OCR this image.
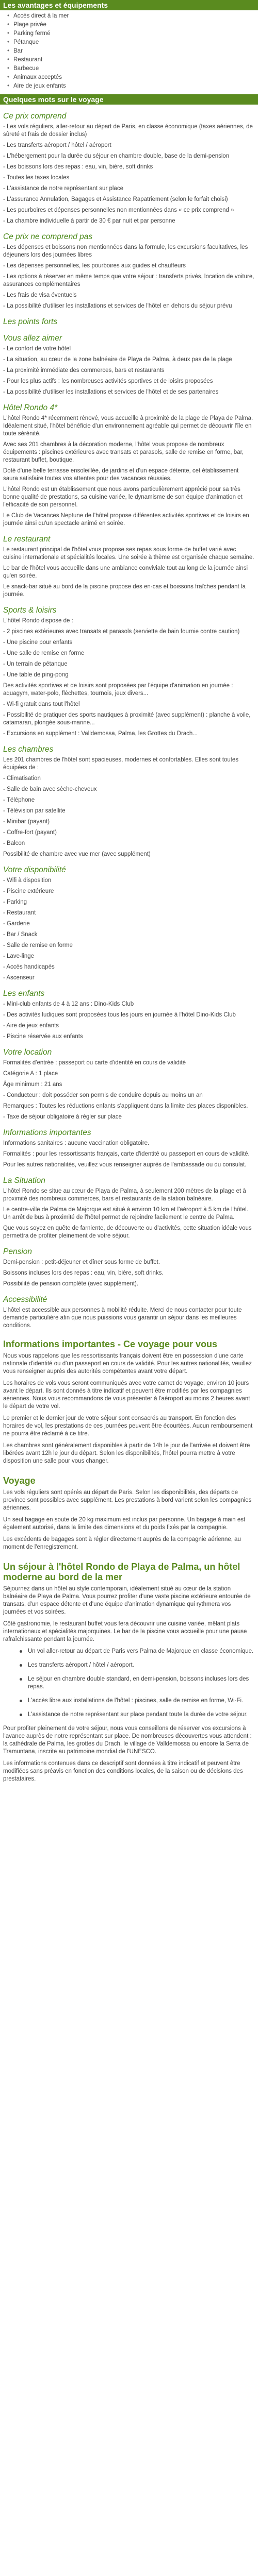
Les avantages et équipements
• Accès direct à la mer
• Plage privée
• Parking fermé
• Pétanque
• Bar
• Restaurant
• Barbecue
• Animaux acceptés
• Aire de jeux enfants
Quelques mots sur le voyage
Ce prix comprend
- Les vols réguliers, aller-retour au départ de Paris, en classe économique (taxes aériennes, de sûreté et frais de dossier inclus)
- Les transferts aéroport / hôtel / aéroport
- L'hébergement pour la durée du séjour en chambre double, base de la demi-pension
- Les boissons lors des repas : eau, vin, bière, soft drinks
- Toutes les taxes locales
- L'assistance de notre représentant sur place
- L'assurance Annulation, Bagages et Assistance Rapatriement (selon le forfait choisi)
- Les pourboires et dépenses personnelles non mentionnées dans « ce prix comprend »
- La chambre individuelle à partir de 30 € par nuit et par personne
Ce prix ne comprend pas
- Les dépenses et boissons non mentionnées dans la formule, les excursions facultatives, les déjeuners lors des journées libres
- Les dépenses personnelles, les pourboires aux guides et chauffeurs
- Les options à réserver en même temps que votre séjour : transferts privés, location de voiture, assurances complémentaires
- Les frais de visa éventuels
- La possibilité d'utiliser les installations et services de l'hôtel en dehors du séjour prévu
Les points forts
Vous allez aimer
- Le confort de votre hôtel
- La situation, au cœur de la zone balnéaire de Playa de Palma, à deux pas de la plage
- La proximité immédiate des commerces, bars et restaurants
- Pour les plus actifs : les nombreuses activités sportives et de loisirs proposées
- La possibilité d'utiliser les installations et services de l'hôtel et de ses partenaires
Hôtel Rondo 4*
L'hôtel Rondo 4* récemment rénové, vous accueille à proximité de la plage de Playa de Palma. Idéalement situé, l'hôtel bénéficie d'un environnement agréable qui permet de découvrir l'île en toute sérénité.
Avec ses 201 chambres à la décoration moderne, l'hôtel vous propose de nombreux équipements : piscines extérieures avec transats et parasols, salle de remise en forme, bar, restaurant buffet, boutique.
Doté d'une belle terrasse ensoleillée, de jardins et d'un espace détente, cet établissement saura satisfaire toutes vos attentes pour des vacances réussies.
L'hôtel Rondo est un établissement que nous avons particulièrement apprécié pour sa très bonne qualité de prestations, sa cuisine variée, le dynamisme de son équipe d'animation et l'efficacité de son personnel.
Le Club de Vacances Neptune de l'hôtel propose différentes activités sportives et de loisirs en journée ainsi qu'un spectacle animé en soirée.
Le restaurant
Le restaurant principal de l'hôtel vous propose ses repas sous forme de buffet varié avec cuisine internationale et spécialités locales. Une soirée à thème est organisée chaque semaine.
Le bar de l'hôtel vous accueille dans une ambiance conviviale tout au long de la journée ainsi qu'en soirée.
Le snack-bar situé au bord de la piscine propose des en-cas et boissons fraîches pendant la journée.
Sports & loisirs
L'hôtel Rondo dispose de :
- 2 piscines extérieures avec transats et parasols (serviette de bain fournie contre caution)
- Une piscine pour enfants
- Une salle de remise en forme
- Un terrain de pétanque
- Une table de ping-pong
Des activités sportives et de loisirs sont proposées par l'équipe d'animation en journée : aquagym, water-polo, fléchettes, tournois, jeux divers...
- Wi-fi gratuit dans tout l'hôtel
- Possibilité de pratiquer des sports nautiques à proximité (avec supplément) : planche à voile, catamaran, plongée sous-marine...
- Excursions en supplément : Valldemossa, Palma, les Grottes du Drach...
Les chambres
Les 201 chambres de l'hôtel sont spacieuses, modernes et confortables. Elles sont toutes équipées de :
- Climatisation
- Salle de bain avec sèche-cheveux
- Téléphone
- Télévision par satellite
- Minibar (payant)
- Coffre-fort (payant)
- Balcon
Possibilité de chambre avec vue mer (avec supplément)
Votre disponibilité
- Wifi à disposition
- Piscine extérieure
- Parking
- Restaurant
- Garderie
- Bar / Snack
- Salle de remise en forme
- Lave-linge
- Accès handicapés
- Ascenseur
Les enfants
- Mini-club enfants de 4 à 12 ans : Dino-Kids Club
- Des activités ludiques sont proposées tous les jours en journée à l'hôtel Dino-Kids Club
- Aire de jeux enfants
- Piscine réservée aux enfants
Votre location
Formalités d'entrée : passeport ou carte d'identité en cours de validité
Catégorie A : 1 place
Âge minimum : 21 ans
- Conducteur : doit posséder son permis de conduire depuis au moins un an
Remarques : Toutes les réductions enfants s'appliquent dans la limite des places disponibles.
- Taxe de séjour obligatoire à régler sur place
Informations importantes
Informations sanitaires : aucune vaccination obligatoire.
Formalités : pour les ressortissants français, carte d'identité ou passeport en cours de validité.
Pour les autres nationalités, veuillez vous renseigner auprès de l'ambassade ou du consulat.
La Situation
L'hôtel Rondo se situe au cœur de Playa de Palma, à seulement 200 mètres de la plage et à proximité des nombreux commerces, bars et restaurants de la station balnéaire.
Le centre-ville de Palma de Majorque est situé à environ 10 km et l'aéroport à 5 km de l'hôtel. Un arrêt de bus à proximité de l'hôtel permet de rejoindre facilement le centre de Palma.
Que vous soyez en quête de farniente, de découverte ou d'activités, cette situation idéale vous permettra de profiter pleinement de votre séjour.
Pension
Demi-pension : petit-déjeuner et dîner sous forme de buffet.
Boissons incluses lors des repas : eau, vin, bière, soft drinks.
Possibilité de pension complète (avec supplément).
Accessibilité
L'hôtel est accessible aux personnes à mobilité réduite. Merci de nous contacter pour toute demande particulière afin que nous puissions vous garantir un séjour dans les meilleures conditions.
Informations importantes - Ce voyage pour vous

Nous vous rappelons que les ressortissants français doivent être en possession d'une carte nationale d'identité ou d'un passeport en cours de validité. Pour les autres nationalités, veuillez vous renseigner auprès des autorités compétentes avant votre départ.

Les horaires de vols vous seront communiqués avec votre carnet de voyage, environ 10 jours avant le départ. Ils sont donnés à titre indicatif et peuvent être modifiés par les compagnies aériennes. Nous vous recommandons de vous présenter à l'aéroport au moins 2 heures avant le départ de votre vol.

Le premier et le dernier jour de votre séjour sont consacrés au transport. En fonction des horaires de vol, les prestations de ces journées peuvent être écourtées. Aucun remboursement ne pourra être réclamé à ce titre.

Les chambres sont généralement disponibles à partir de 14h le jour de l'arrivée et doivent être libérées avant 12h le jour du départ. Selon les disponibilités, l'hôtel pourra mettre à votre disposition une salle pour vous changer.

Voyage

Les vols réguliers sont opérés au départ de Paris. Selon les disponibilités, des départs de province sont possibles avec supplément. Les prestations à bord varient selon les compagnies aériennes.

Un seul bagage en soute de 20 kg maximum est inclus par personne. Un bagage à main est également autorisé, dans la limite des dimensions et du poids fixés par la compagnie.

Les excédents de bagages sont à régler directement auprès de la compagnie aérienne, au moment de l'enregistrement.

Un séjour à l'hôtel Rondo de Playa de Palma, un hôtel moderne au bord de la mer

Séjournez dans un hôtel au style contemporain, idéalement situé au cœur de la station balnéaire de Playa de Palma. Vous pourrez profiter d'une vaste piscine extérieure entourée de transats, d'un espace détente et d'une équipe d'animation dynamique qui rythmera vos journées et vos soirées.

Côté gastronomie, le restaurant buffet vous fera découvrir une cuisine variée, mêlant plats internationaux et spécialités majorquines. Le bar de la piscine vous accueille pour une pause rafraîchissante pendant la journée.

Un vol aller-retour au départ de Paris vers Palma de Majorque en classe économique.
Les transferts aéroport / hôtel / aéroport.
Le séjour en chambre double standard, en demi-pension, boissons incluses lors des repas.
L'accès libre aux installations de l'hôtel : piscines, salle de remise en forme, Wi-Fi.
L'assistance de notre représentant sur place pendant toute la durée de votre séjour.

Pour profiter pleinement de votre séjour, nous vous conseillons de réserver vos excursions à l'avance auprès de notre représentant sur place. De nombreuses découvertes vous attendent : la cathédrale de Palma, les grottes du Drach, le village de Valldemossa ou encore la Serra de Tramuntana, inscrite au patrimoine mondial de l'UNESCO.

Les informations contenues dans ce descriptif sont données à titre indicatif et peuvent être modifiées sans préavis en fonction des conditions locales, de la saison ou de décisions des prestataires.
